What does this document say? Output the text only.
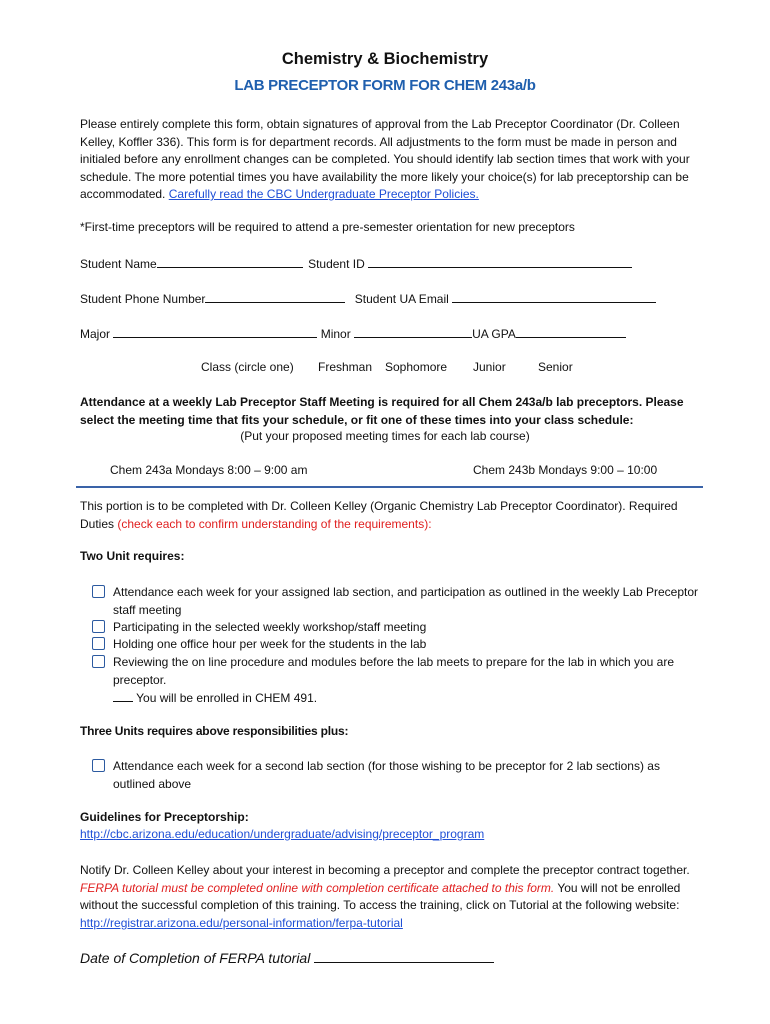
Chemistry & Biochemistry
LAB PRECEPTOR FORM FOR CHEM 243a/b
Please entirely complete this form, obtain signatures of approval from the Lab Preceptor Coordinator (Dr. Colleen Kelley, Koffler 336). This form is for department records. All adjustments to the form must be made in person and initialed before any enrollment changes can be completed. You should identify lab section times that work with your schedule. The more potential times you have availability the more likely your choice(s) for lab preceptorship can be accommodated. Carefully read the CBC Undergraduate Preceptor Policies.
*First-time preceptors will be required to attend a pre-semester orientation for new preceptors
Student Name	Student ID
Student Phone Number	Student UA Email
Major	Minor	UA GPA
Class (circle one) Freshman Sophomore Junior	Senior
Attendance at a weekly Lab Preceptor Staff Meeting is required for all Chem 243a/b lab preceptors. Please select the meeting time that fits your schedule, or fit one of these times into your class schedule:
(Put your proposed meeting times for each lab course)
Chem 243a Mondays 8:00 – 9:00 am	Chem 243b Mondays 9:00 – 10:00
This portion is to be completed with Dr. Colleen Kelley (Organic Chemistry Lab Preceptor Coordinator). Required Duties (check each to confirm understanding of the requirements):
Two Unit requires:
Attendance each week for your assigned lab section, and participation as outlined in the weekly Lab Preceptor staff meeting
Participating in the selected weekly workshop/staff meeting
Holding one office hour per week for the students in the lab
Reviewing the on line procedure and modules before the lab meets to prepare for the lab in which you are preceptor.
You will be enrolled in CHEM 491.
Three Units requires above responsibilities plus:
Attendance each week for a second lab section (for those wishing to be preceptor for 2 lab sections) as outlined above
Guidelines for Preceptorship:
http://cbc.arizona.edu/education/undergraduate/advising/preceptor_program
Notify Dr. Colleen Kelley about your interest in becoming a preceptor and complete the preceptor contract together. FERPA tutorial must be completed online with completion certificate attached to this form. You will not be enrolled without the successful completion of this training. To access the training, click on Tutorial at the following website: http://registrar.arizona.edu/personal-information/ferpa-tutorial
Date of Completion of FERPA tutorial
